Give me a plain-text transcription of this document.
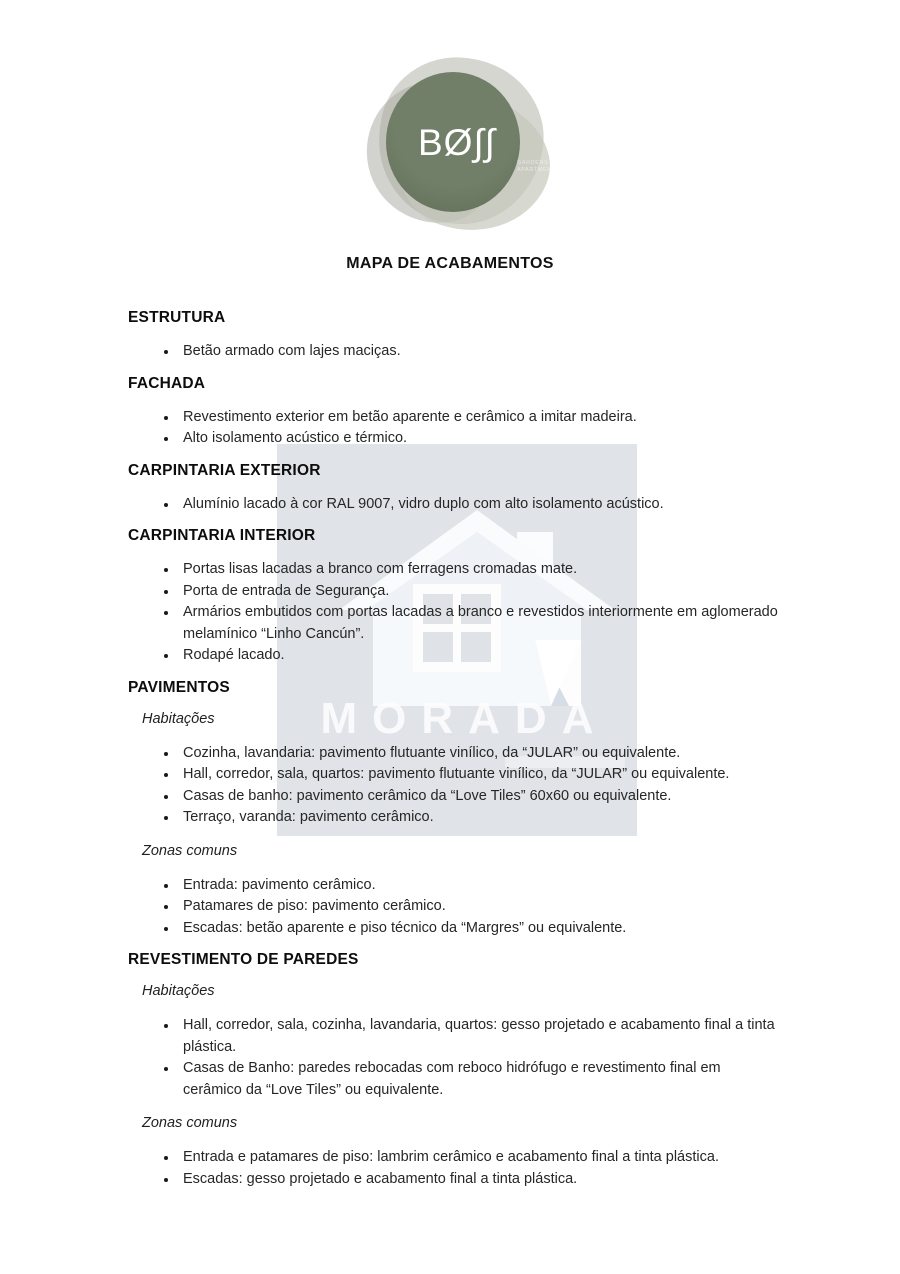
MORADA
BØ∫∫	GARDENS
APARTMENTS
MAPA DE ACABAMENTOS
ESTRUTURA
• Betão armado com lajes maciças.
FACHADA
• Revestimento exterior em betão aparente e cerâmico a imitar madeira.
• Alto isolamento acústico e térmico.
CARPINTARIA EXTERIOR
• Alumínio lacado à cor RAL 9007, vidro duplo com alto isolamento acústico.
CARPINTARIA INTERIOR
• Portas lisas lacadas a branco com ferragens cromadas mate.
• Porta de entrada de Segurança.
• Armários embutidos com portas lacadas a branco e revestidos interiormente em aglomerado melamínico “Linho Cancún”.
• Rodapé lacado.
PAVIMENTOS
Habitações
• Cozinha, lavandaria: pavimento flutuante vinílico, da “JULAR” ou equivalente.
• Hall, corredor, sala, quartos: pavimento flutuante vinílico, da “JULAR” ou equivalente.
• Casas de banho: pavimento cerâmico da “Love Tiles” 60x60 ou equivalente.
• Terraço, varanda: pavimento cerâmico.
Zonas comuns
• Entrada: pavimento cerâmico.
• Patamares de piso: pavimento cerâmico.
• Escadas: betão aparente e piso técnico da “Margres” ou equivalente.
REVESTIMENTO DE PAREDES
Habitações
• Hall, corredor, sala, cozinha, lavandaria, quartos: gesso projetado e acabamento final a tinta plástica.
• Casas de Banho: paredes rebocadas com reboco hidrófugo e revestimento final em cerâmico da “Love Tiles” ou equivalente.
Zonas comuns
• Entrada e patamares de piso: lambrim cerâmico e acabamento final a tinta plástica.
• Escadas: gesso projetado e acabamento final a tinta plástica.
